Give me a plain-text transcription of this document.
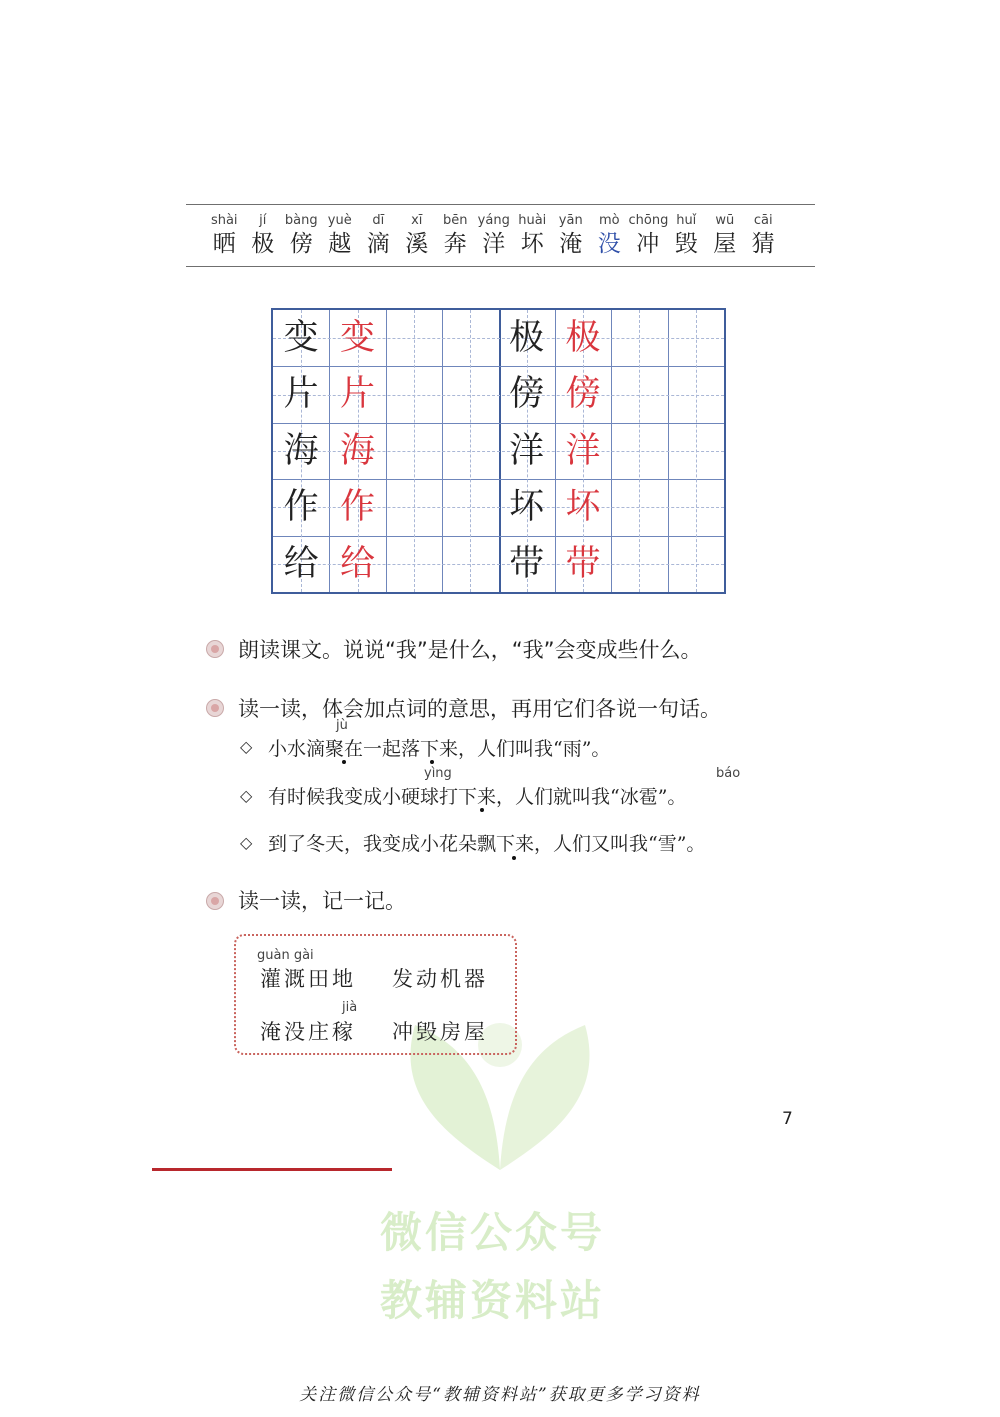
微信公众号
教辅资料站
shài
晒
jí
极
bàng
傍
yuè
越
dī
滴
xī
溪
bēn
奔
yáng
洋
huài
坏
yān
淹
mò
没
chōng
冲
huǐ
毁
wū
屋
cāi
猜
变 变
片 片
海 海
作 作
给 给
极 极
傍 傍
洋 洋
坏 坏
带 带
朗读课文。说说“我”是什么，“我”会变成些什么。
读一读，体会加点词的意思，再用它们各说一句话。
◇
jù
小水滴聚在一起落下来，人们叫我“雨”。
◇
yìng	báo
有时候我变成小硬球打下来，人们就叫我“冰雹”。
◇ 到了冬天，我变成小花朵飘下来，人们又叫我“雪”。
读一读，记一记。
guàn gài
灌溉田地 发动机器
jià
淹没庄稼 冲毁房屋
7
关注微信公众号“教辅资料站”获取更多学习资料
